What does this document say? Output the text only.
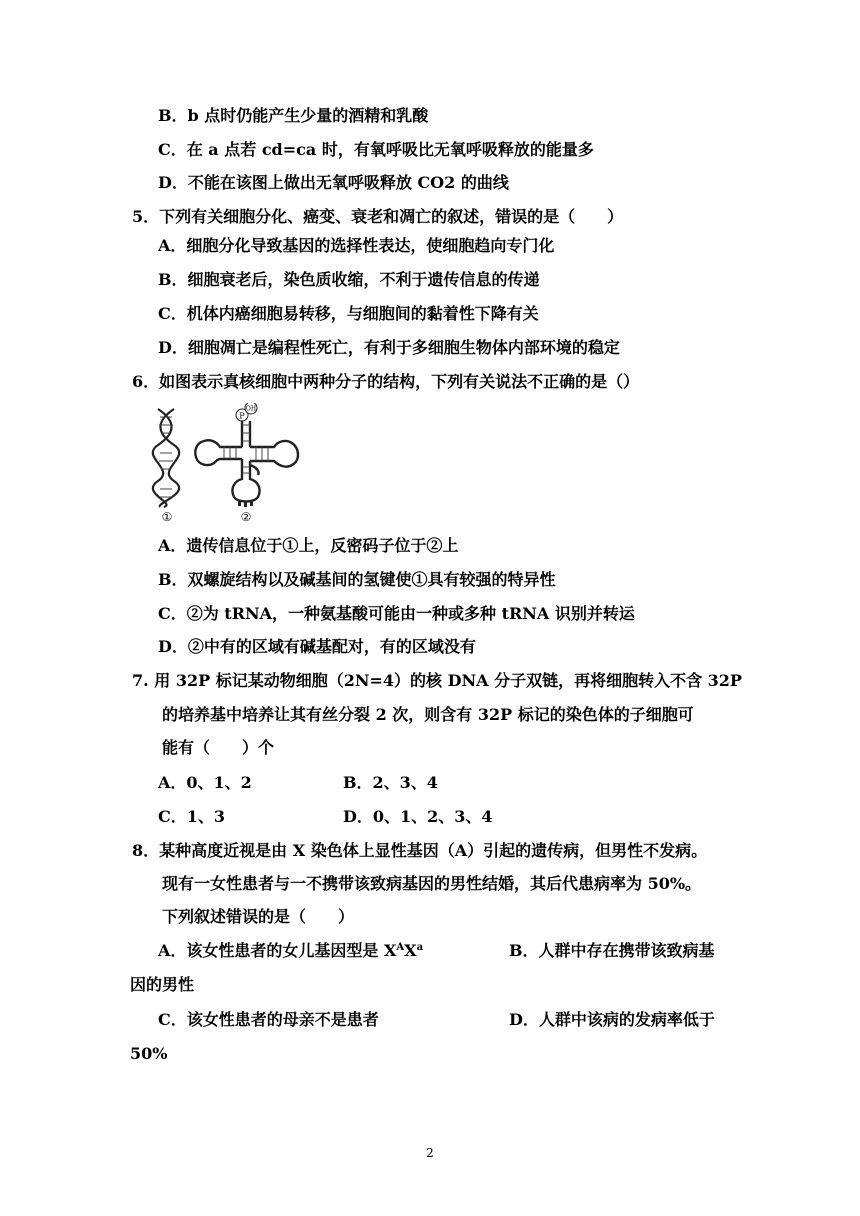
B．b 点时仍能产生少量的酒精和乳酸
C．在 a 点若 cd=ca 时，有氧呼吸比无氧呼吸释放的能量多
D．不能在该图上做出无氧呼吸释放 CO2 的曲线
5．下列有关细胞分化、癌变、衰老和凋亡的叙述，错误的是（　　）
A．细胞分化导致基因的选择性表达，使细胞趋向专门化
B．细胞衰老后，染色质收缩，不利于遗传信息的传递
C．机体内癌细胞易转移，与细胞间的黏着性下降有关
D．细胞凋亡是编程性死亡，有利于多细胞生物体内部环境的稳定
6．如图表示真核细胞中两种分子的结构，下列有关说法不正确的是（）
P
OH
①	②
A．遗传信息位于①上，反密码子位于②上
B．双螺旋结构以及碱基间的氢键使①具有较强的特异性
C．②为 tRNA，一种氨基酸可能由一种或多种 tRNA 识别并转运
D．②中有的区域有碱基配对，有的区域没有
7. 用 32P 标记某动物细胞（2N=4）的核 DNA 分子双链，再将细胞转入不含 32P
的培养基中培养让其有丝分裂 2 次，则含有 32P 标记的染色体的子细胞可
能有（　　）个
A．0、1、2	B．2、3、4
C．1、3	D．0、1、2、3、4
8．某种高度近视是由 X 染色体上显性基因（A）引起的遗传病，但男性不发病。
现有一女性患者与一不携带该致病基因的男性结婚，其后代患病率为 50%。
下列叙述错误的是（　　）
A．该女性患者的女儿基因型是 $X^AX^a$	B．人群中存在携带该致病基
因的男性
C．该女性患者的母亲不是患者	D．人群中该病的发病率低于
50%
2
